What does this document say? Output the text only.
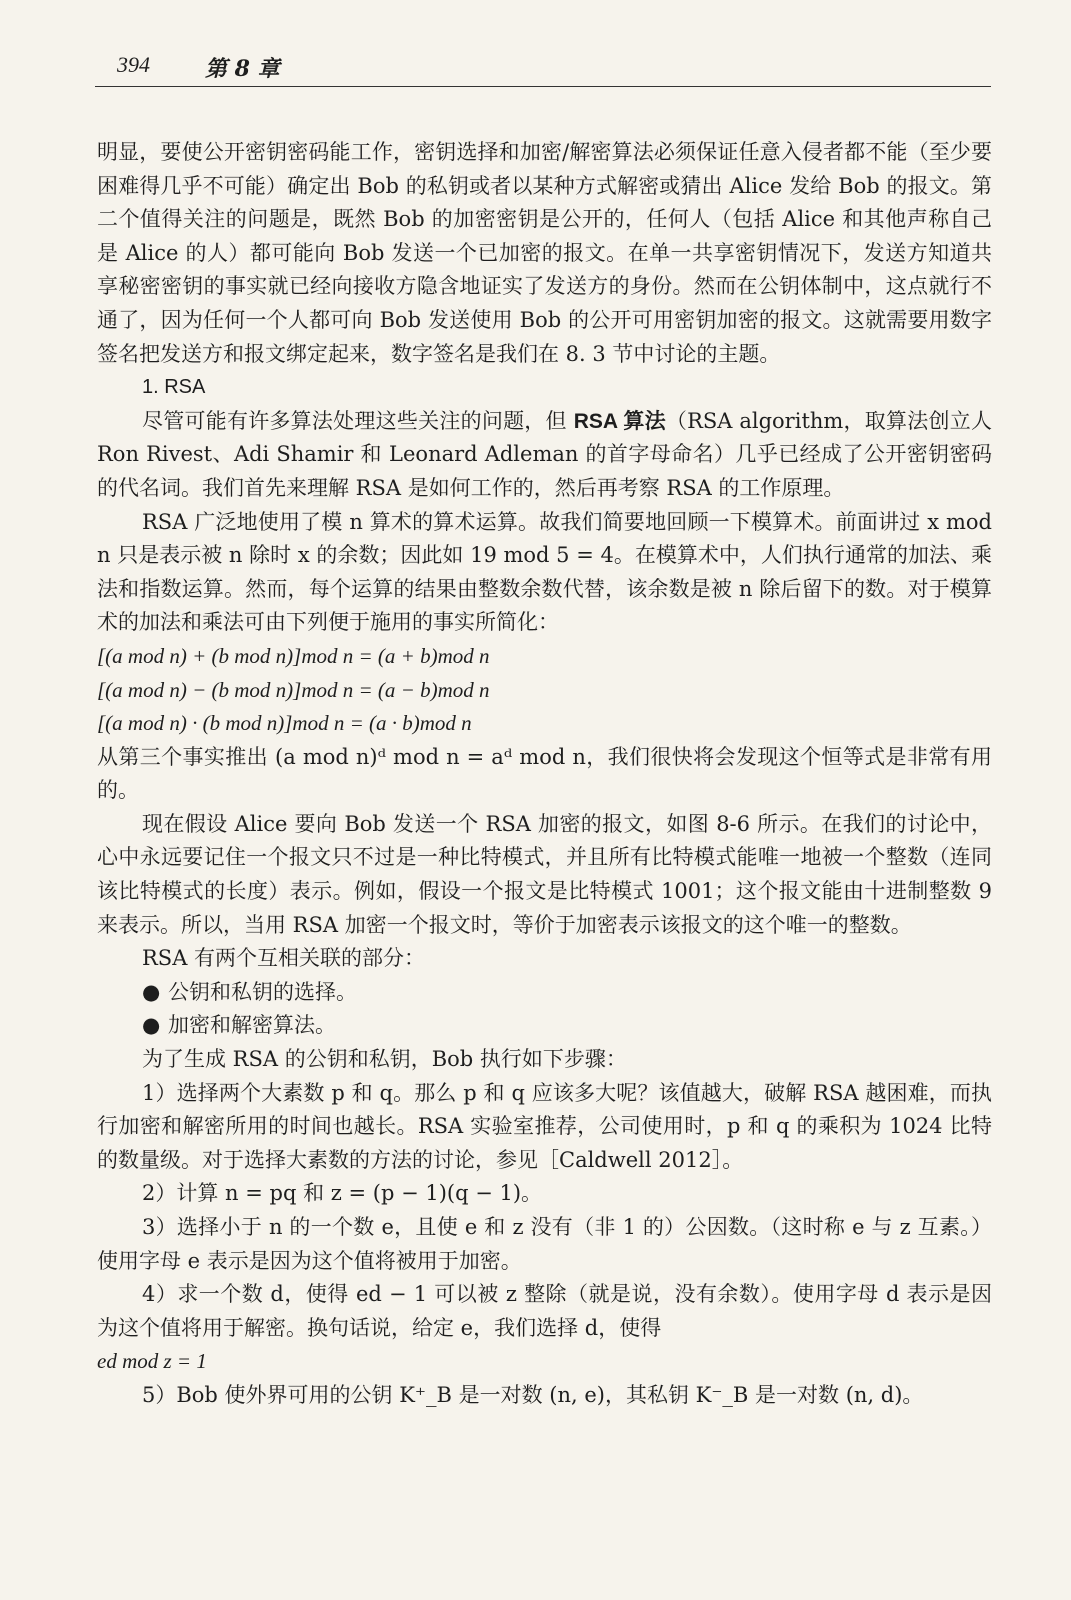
394	第 8 章

明显，要使公开密钥密码能工作，密钥选择和加密/解密算法必须保证任意入侵者都不能（至少要困难得几乎不可能）确定出 Bob 的私钥或者以某种方式解密或猜出 Alice 发给 Bob 的报文。第二个值得关注的问题是，既然 Bob 的加密密钥是公开的，任何人（包括 Alice 和其他声称自己是 Alice 的人）都可能向 Bob 发送一个已加密的报文。在单一共享密钥情况下，发送方知道共享秘密密钥的事实就已经向接收方隐含地证实了发送方的身份。然而在公钥体制中，这点就行不通了，因为任何一个人都可向 Bob 发送使用 Bob 的公开可用密钥加密的报文。这就需要用数字签名把发送方和报文绑定起来，数字签名是我们在 8. 3 节中讨论的主题。

1. RSA

尽管可能有许多算法处理这些关注的问题，但 RSA 算法（RSA algorithm，取算法创立人 Ron Rivest、Adi Shamir 和 Leonard Adleman 的首字母命名）几乎已经成了公开密钥密码的代名词。我们首先来理解 RSA 是如何工作的，然后再考察 RSA 的工作原理。

RSA 广泛地使用了模 n 算术的算术运算。故我们简要地回顾一下模算术。前面讲过 x mod n 只是表示被 n 除时 x 的余数；因此如 19 mod 5 = 4。在模算术中，人们执行通常的加法、乘法和指数运算。然而，每个运算的结果由整数余数代替，该余数是被 n 除后留下的数。对于模算术的加法和乘法可由下列便于施用的事实所简化：

[(a mod n) + (b mod n)]mod n = (a + b)mod n

[(a mod n) − (b mod n)]mod n = (a − b)mod n

[(a mod n) · (b mod n)]mod n = (a · b)mod n

从第三个事实推出 (a mod n)ᵈ mod n = aᵈ mod n，我们很快将会发现这个恒等式是非常有用的。

现在假设 Alice 要向 Bob 发送一个 RSA 加密的报文，如图 8-6 所示。在我们的讨论中，心中永远要记住一个报文只不过是一种比特模式，并且所有比特模式能唯一地被一个整数（连同该比特模式的长度）表示。例如，假设一个报文是比特模式 1001；这个报文能由十进制整数 9 来表示。所以，当用 RSA 加密一个报文时，等价于加密表示该报文的这个唯一的整数。

RSA 有两个互相关联的部分：

● 公钥和私钥的选择。

● 加密和解密算法。

为了生成 RSA 的公钥和私钥，Bob 执行如下步骤：

1）选择两个大素数 p 和 q。那么 p 和 q 应该多大呢？该值越大，破解 RSA 越困难，而执行加密和解密所用的时间也越长。RSA 实验室推荐，公司使用时，p 和 q 的乘积为 1024 比特的数量级。对于选择大素数的方法的讨论，参见［Caldwell 2012］。

2）计算 n = pq 和 z = (p − 1)(q − 1)。

3）选择小于 n 的一个数 e，且使 e 和 z 没有（非 1 的）公因数。（这时称 e 与 z 互素。）使用字母 e 表示是因为这个值将被用于加密。

4）求一个数 d，使得 ed − 1 可以被 z 整除（就是说，没有余数）。使用字母 d 表示是因为这个值将用于解密。换句话说，给定 e，我们选择 d，使得

ed mod z = 1

5）Bob 使外界可用的公钥 K⁺_B 是一对数 (n, e)，其私钥 K⁻_B 是一对数 (n, d)。
